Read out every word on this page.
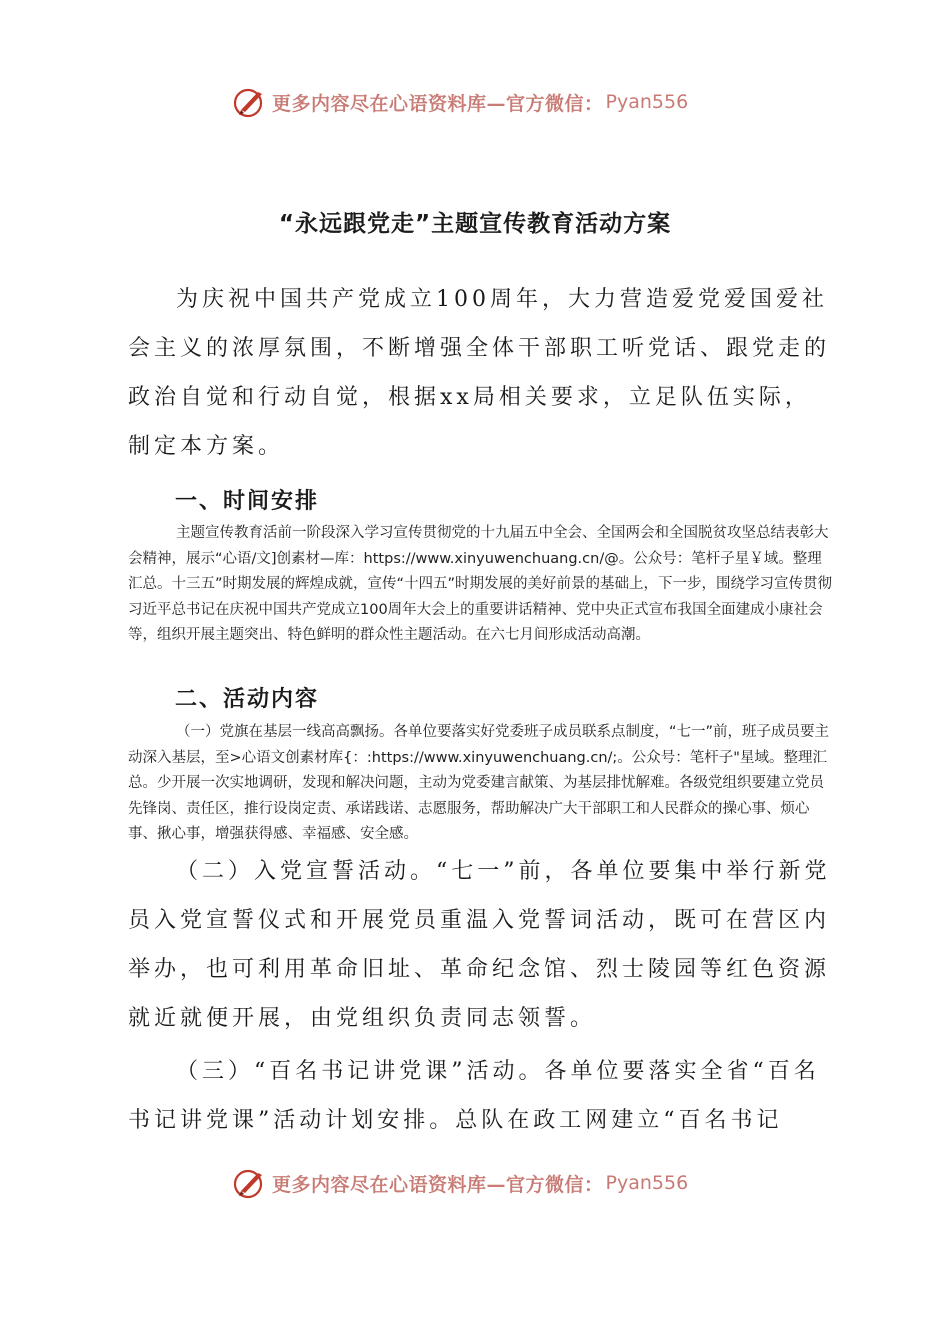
更多内容尽在心语资料库—官方微信： Pyan556
“永远跟党走”主题宣传教育活动方案

为庆祝中国共产党成立100周年，大力营造爱党爱国爱社会主义的浓厚氛围，不断增强全体干部职工听党话、跟党走的政治自觉和行动自觉，根据xx局相关要求，立足队伍实际，制定本方案。

一、时间安排

主题宣传教育活前一阶段深入学习宣传贯彻党的十九届五中全会、全国两会和全国脱贫攻坚总结表彰大会精神，展示“心语/文]创素材—库：https://www.xinyuwenchuang.cn/@。公众号：笔杆子星￥域。整理汇总。十三五”时期发展的辉煌成就，宣传“十四五”时期发展的美好前景的基础上，下一步，围绕学习宣传贯彻习近平总书记在庆祝中国共产党成立100周年大会上的重要讲话精神、党中央正式宣布我国全面建成小康社会等，组织开展主题突出、特色鲜明的群众性主题活动。在六七月间形成活动高潮。

二、活动内容

（一）党旗在基层一线高高飘扬。各单位要落实好党委班子成员联系点制度，“七一”前，班子成员要主动深入基层，至>心语文创素材库{：:https://www.xinyuwenchuang.cn/;。公众号：笔杆子"星域。整理汇总。少开展一次实地调研，发现和解决问题，主动为党委建言献策、为基层排忧解难。各级党组织要建立党员先锋岗、责任区，推行设岗定责、承诺践诺、志愿服务，帮助解决广大干部职工和人民群众的操心事、烦心事、揪心事，增强获得感、幸福感、安全感。

（二）入党宣誓活动。“七一”前，各单位要集中举行新党员入党宣誓仪式和开展党员重温入党誓词活动，既可在营区内举办，也可利用革命旧址、革命纪念馆、烈士陵园等红色资源就近就便开展，由党组织负责同志领誓。

（三）“百名书记讲党课”活动。各单位要落实全省“百名书记讲党课”活动计划安排。总队在政工网建立“百名书记

更多内容尽在心语资料库—官方微信： Pyan556
